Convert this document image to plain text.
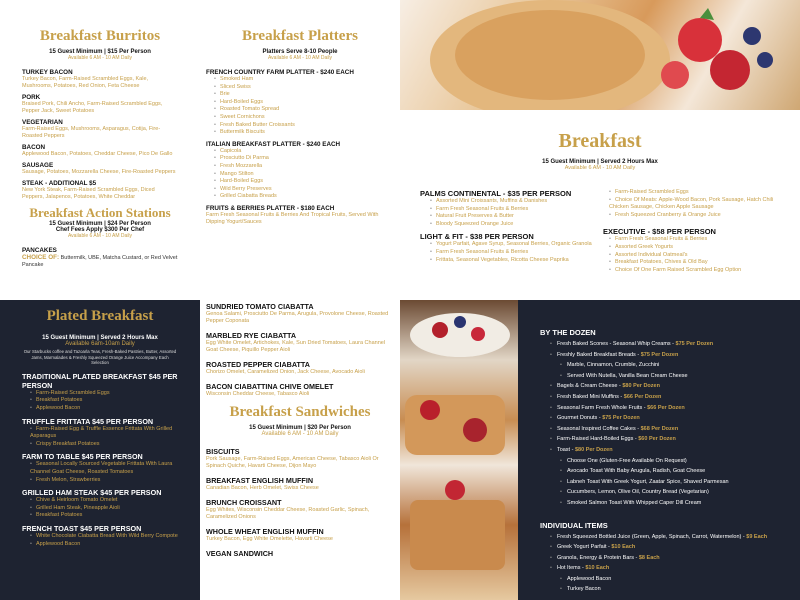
Breakfast Burritos
15 Guest Minimum | $15 Per Person
Available 6 AM - 10 AM Daily
TURKEY BACON
Turkey Bacon, Farm-Raised Scrambled Eggs, Kale, Mushrooms, Potatoes, Red Onion, Feta Cheese
PORK
Braised Pork, Chili Ancho, Farm-Raised Scrambled Eggs, Pepper Jack, Sweet Potatoes
VEGETARIAN
Farm-Raised Eggs, Mushrooms, Asparagus, Cotija, Fire-Roasted Peppers
BACON
Applewood Bacon, Potatoes, Cheddar Cheese, Pico De Gallo
SAUSAGE
Sausage, Potatoes, Mozzarella Cheese, Fire-Roasted Peppers
STEAK - ADDITIONAL $5
New York Steak, Farm-Raised Scrambled Eggs, Diced Peppers, Jalapenos, Potatoes, White Cheddar
Breakfast Action Stations
15 Guest Minimum | $24 Per Person
Chef Fees Apply $300 Per Chef
Available 6 AM - 10 AM Daily
PANCAKES
CHOICE OF: Buttermilk, UBE, Matcha Custard, or Red Velvet Pancake
Breakfast Platters
Platters Serve 8-10 People
Available 6 AM - 10 AM Daily
FRENCH COUNTRY FARM PLATTER - $240 EACH
• Smoked Ham
• Sliced Swiss
• Brie
• Hard-Boiled Eggs
• Roasted Tomato Spread
• Sweet Cornichons
• Fresh Baked Butter Croissants
• Buttermilk Biscuits
ITALIAN BREAKFAST PLATTER - $240 EACH
• Capicola
• Prosciutto Di Parma
• Fresh Mozzarella
• Mango Stilton
• Hard-Boiled Eggs
• Wild Berry Preserves
• Grilled Ciabatta Breads
FRUITS & BERRIES PLATTER - $180 EACH
Farm Fresh Seasonal Fruits & Berries And Tropical Fruits, Served With Dipping Yogurt/Sauces
Breakfast
15 Guest Minimum | Served 2 Hours Max
Available 6 AM - 10 AM Daily
PALMS CONTINENTAL - $35 PER PERSON
• Assorted Mini Croissants, Muffins & Danishes
• Farm Fresh Seasonal Fruits & Berries
• Natural Fruit Preserves & Butter
• Bloody Squeezed Orange Juice
LIGHT & FIT - $38 PER PERSON
• Yogurt Parfait, Agave Syrup, Seasonal Berries, Organic Granola
• Farm Fresh Seasonal Fruits & Berries
• Frittata, Seasonal Vegetables, Ricotta Cheese Paprika
• Farm-Raised Scrambled Eggs
• Choice Of Meats: Apple-Wood Bacon, Pork Sausage, Hatch Chili Chicken Sausage, Chicken Apple Sausage
• Fresh Squeezed Cranberry & Orange Juice
EXECUTIVE - $58 PER PERSON
• Farm Fresh Seasonal Fruits & Berries
• Assorted Greek Yogurts
• Assorted Individual Oatmeal's
• Breakfast Potatoes, Chives & Old Bay
• Choice Of One Farm Raised Scrambled Egg Option
Plated Breakfast
15 Guest Minimum | Served 2 Hours Max
Available 6am-10am Daily
Our Starbucks coffee and Tazoarla Teas, Fresh-Baked Pastries, Butter, Assorted Jams, Marmalades & Freshly Squeezed Orange Juice Accompany Each Selection
TRADITIONAL PLATED BREAKFAST $45 PER PERSON
• Farm-Raised Scrambled Eggs
• Breakfast Potatoes
• Applewood Bacon
TRUFFLE FRITTATA $45 PER PERSON
• Farm-Raised Egg & Truffle Essence Frittata With Grilled Asparagus
• Crispy Breakfast Potatoes
FARM TO TABLE $45 PER PERSON
• Seasonal Locally Sourced Vegetable Frittata With Laura Channel Goat Cheese, Roasted Tomatoes
• Fresh Melon, Strawberries
GRILLED HAM STEAK $45 PER PERSON
• Chive & Heirloom Tomato Omelet
• Grilled Ham Steak, Pineapple Aioli
• Breakfast Potatoes
FRENCH TOAST $45 PER PERSON
• White Chocolate Ciabatta Bread With Wild Berry Compote
• Applewood Bacon
SUNDRIED TOMATO CIABATTA
Genoa Salami, Prosciutto De Parma, Arugula, Provolone Cheese, Roasted Pepper Coponata
MARBLED RYE CIABATTA
Egg White Omelet, Artichokes, Kale, Sun Dried Tomatoes, Laura Channel Goat Cheese, Piquillo Pepper Aioli
ROASTED PEPPER CIABATTA
Chorizo Omelet, Caramelized Onion, Jack Cheese, Avocado Aioli
BACON CIABATTINA CHIVE OMELET
Wisconsin Cheddar Cheese, Tabasco Aioli
Breakfast Sandwiches
15 Guest Minimum | $20 Per Person
Available 6 AM - 10 AM Daily
BISCUITS
Pork Sausage, Farm-Raised Eggs, American Cheese, Tabasco Aioli Or Spinach Quiche, Havarti Cheese, Dijon Mayo
BREAKFAST ENGLISH MUFFIN
Canadian Bacon, Herb Omelet, Swiss Cheese
BRUNCH CROISSANT
Egg Whites, Wisconsin Cheddar Cheese, Roasted Garlic, Spinach, Caramelized Onions
WHOLE WHEAT ENGLISH MUFFIN
Turkey Bacon, Egg White Omelette, Havarti Cheese
VEGAN SANDWICH
BY THE DOZEN
• Fresh Baked Scones - Seasonal Whip Creams - $75 Per Dozen
• Freshly Baked Breakfast Breads - $75 Per Dozen
• Marble, Cinnamon, Crumble, Zucchini
• Served With Nutella, Vanilla Bean Cream Cheese
• Bagels & Cream Cheese - $80 Per Dozen
• Fresh Baked Mini Muffins - $66 Per Dozen
• Seasonal Farm Fresh Whole Fruits - $66 Per Dozen
• Gourmet Donuts - $75 Per Dozen
• Seasonal Inspired Coffee Cakes - $68 Per Dozen
• Farm-Raised Hard-Boiled Eggs - $60 Per Dozen
• Toast - $80 Per Dozen
• Choose One (Gluten-Free Available On Request)
• Avocado Toast With Baby Arugula, Radish, Goat Cheese
• Labneh Toast With Greek Yogurt, Zaatar Spice, Shaved Parmesan
• Cucumbers, Lemon, Olive Oil, Country Bread (Vegetarian)
• Smoked Salmon Toast With Whipped Caper Dill Cream
INDIVIDUAL ITEMS
• Fresh Squeezed Bottled Juice (Green, Apple, Spinach, Carrot, Watermelon) - $9 Each
• Greek Yogurt Parfait - $10 Each
• Granola, Energy & Protein Bars - $8 Each
• Hot Items - $10 Each
• Applewood Bacon
• Turkey Bacon
